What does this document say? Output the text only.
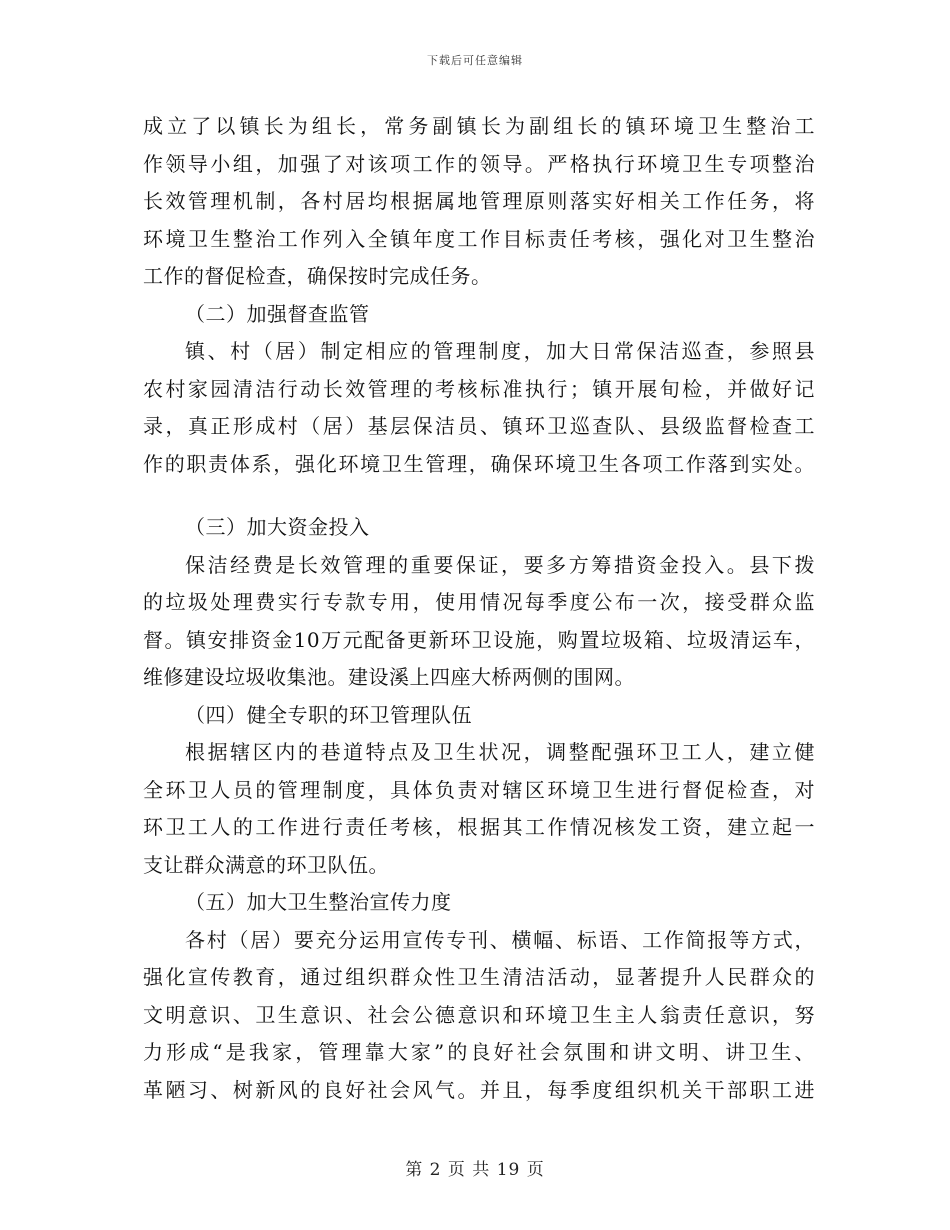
下载后可任意编辑
成立了以镇长为组长，常务副镇长为副组长的镇环境卫生整治工
作领导小组，加强了对该项工作的领导。严格执行环境卫生专项整治
长效管理机制，各村居均根据属地管理原则落实好相关工作任务，将
环境卫生整治工作列入全镇年度工作目标责任考核，强化对卫生整治
工作的督促检查，确保按时完成任务。
（二）加强督查监管
镇、村（居）制定相应的管理制度，加大日常保洁巡查，参照县
农村家园清洁行动长效管理的考核标准执行；镇开展旬检，并做好记
录，真正形成村（居）基层保洁员、镇环卫巡查队、县级监督检查工
作的职责体系，强化环境卫生管理，确保环境卫生各项工作落到实处。
（三）加大资金投入
保洁经费是长效管理的重要保证，要多方筹措资金投入。县下拨
的垃圾处理费实行专款专用，使用情况每季度公布一次，接受群众监
督。镇安排资金10万元配备更新环卫设施，购置垃圾箱、垃圾清运车，
维修建设垃圾收集池。建设溪上四座大桥两侧的围网。
（四）健全专职的环卫管理队伍
根据辖区内的巷道特点及卫生状况，调整配强环卫工人，建立健
全环卫人员的管理制度，具体负责对辖区环境卫生进行督促检查，对
环卫工人的工作进行责任考核，根据其工作情况核发工资，建立起一
支让群众满意的环卫队伍。
（五）加大卫生整治宣传力度
各村（居）要充分运用宣传专刊、横幅、标语、工作简报等方式，
强化宣传教育，通过组织群众性卫生清洁活动，显著提升人民群众的
文明意识、卫生意识、社会公德意识和环境卫生主人翁责任意识，努
力形成“是我家，管理靠大家”的良好社会氛围和讲文明、讲卫生、
革陋习、树新风的良好社会风气。并且，每季度组织机关干部职工进
第 2 页 共 19 页
